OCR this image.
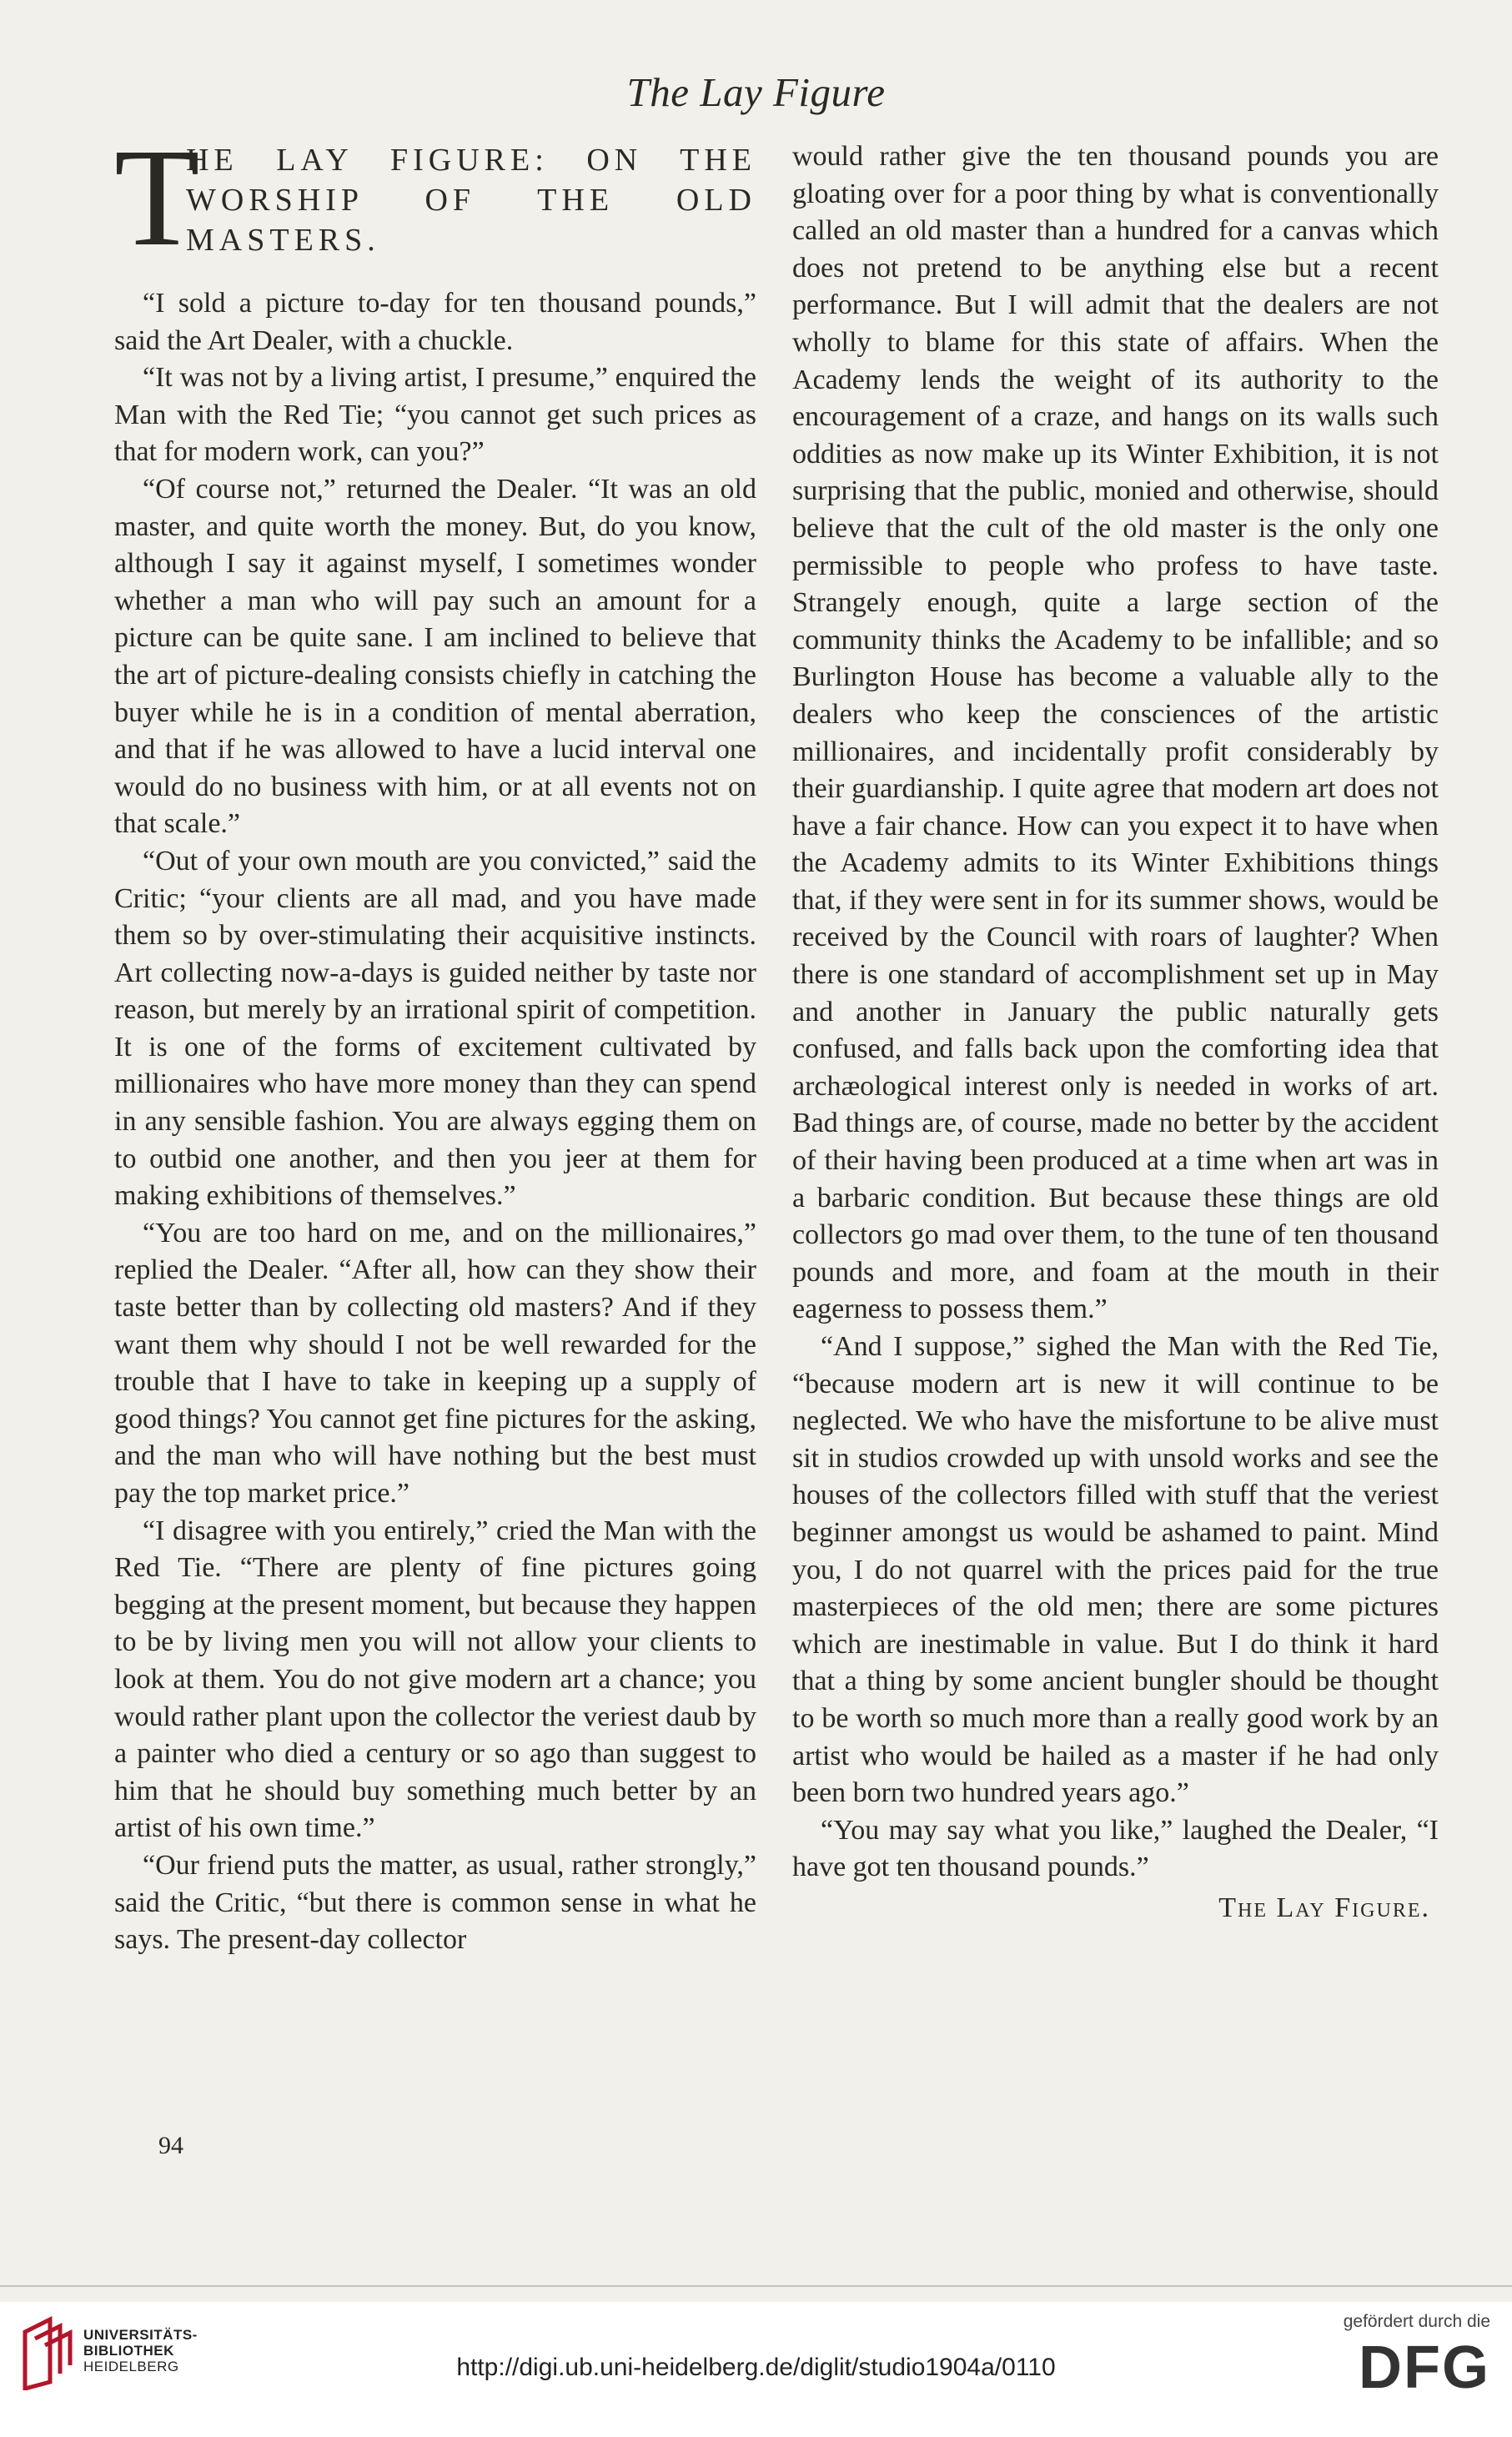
The Lay Figure
T
HE LAY FIGURE: ON THE
WORSHIP OF THE OLD
MASTERS.

“I sold a picture to-day for ten thousand pounds,” said the Art Dealer, with a chuckle.

“It was not by a living artist, I presume,” enquired the Man with the Red Tie; “you cannot get such prices as that for modern work, can you?”

“Of course not,” returned the Dealer. “It was an old master, and quite worth the money. But, do you know, although I say it against myself, I sometimes wonder whether a man who will pay such an amount for a picture can be quite sane. I am inclined to believe that the art of picture-dealing consists chiefly in catching the buyer while he is in a condition of mental aberration, and that if he was allowed to have a lucid interval one would do no business with him, or at all events not on that scale.”

“Out of your own mouth are you convicted,” said the Critic; “your clients are all mad, and you have made them so by over-stimulating their acquisitive instincts. Art collecting now-a-days is guided neither by taste nor reason, but merely by an irrational spirit of competition. It is one of the forms of excitement cultivated by millionaires who have more money than they can spend in any sensible fashion. You are always egging them on to outbid one another, and then you jeer at them for making exhibitions of themselves.”

“You are too hard on me, and on the millionaires,” replied the Dealer. “After all, how can they show their taste better than by collecting old masters? And if they want them why should I not be well rewarded for the trouble that I have to take in keeping up a supply of good things? You cannot get fine pictures for the asking, and the man who will have nothing but the best must pay the top market price.”

“I disagree with you entirely,” cried the Man with the Red Tie. “There are plenty of fine pictures going begging at the present moment, but because they happen to be by living men you will not allow your clients to look at them. You do not give modern art a chance; you would rather plant upon the collector the veriest daub by a painter who died a century or so ago than suggest to him that he should buy something much better by an artist of his own time.”

“Our friend puts the matter, as usual, rather strongly,” said the Critic, “but there is common sense in what he says. The present-day collector

would rather give the ten thousand pounds you are gloating over for a poor thing by what is conventionally called an old master than a hundred for a canvas which does not pretend to be anything else but a recent performance. But I will admit that the dealers are not wholly to blame for this state of affairs. When the Academy lends the weight of its authority to the encouragement of a craze, and hangs on its walls such oddities as now make up its Winter Exhibition, it is not surprising that the public, monied and otherwise, should believe that the cult of the old master is the only one permissible to people who profess to have taste. Strangely enough, quite a large section of the community thinks the Academy to be infallible; and so Burlington House has become a valuable ally to the dealers who keep the consciences of the artistic millionaires, and incidentally profit considerably by their guardianship. I quite agree that modern art does not have a fair chance. How can you expect it to have when the Academy admits to its Winter Exhibitions things that, if they were sent in for its summer shows, would be received by the Council with roars of laughter? When there is one standard of accomplishment set up in May and another in January the public naturally gets confused, and falls back upon the comforting idea that archæological interest only is needed in works of art. Bad things are, of course, made no better by the accident of their having been produced at a time when art was in a barbaric condition. But because these things are old collectors go mad over them, to the tune of ten thousand pounds and more, and foam at the mouth in their eagerness to possess them.”

“And I suppose,” sighed the Man with the Red Tie, “because modern art is new it will continue to be neglected. We who have the misfortune to be alive must sit in studios crowded up with unsold works and see the houses of the collectors filled with stuff that the veriest beginner amongst us would be ashamed to paint. Mind you, I do not quarrel with the prices paid for the true masterpieces of the old men; there are some pictures which are inestimable in value. But I do think it hard that a thing by some ancient bungler should be thought to be worth so much more than a really good work by an artist who would be hailed as a master if he had only been born two hundred years ago.”

“You may say what you like,” laughed the Dealer, “I have got ten thousand pounds.”

The Lay Figure.
94
UNIVERSITÄTS-
BIBLIOTHEK
HEIDELBERG	http://digi.ub.uni-heidelberg.de/diglit/studio1904a/0110
gefördert durch die
DFG
